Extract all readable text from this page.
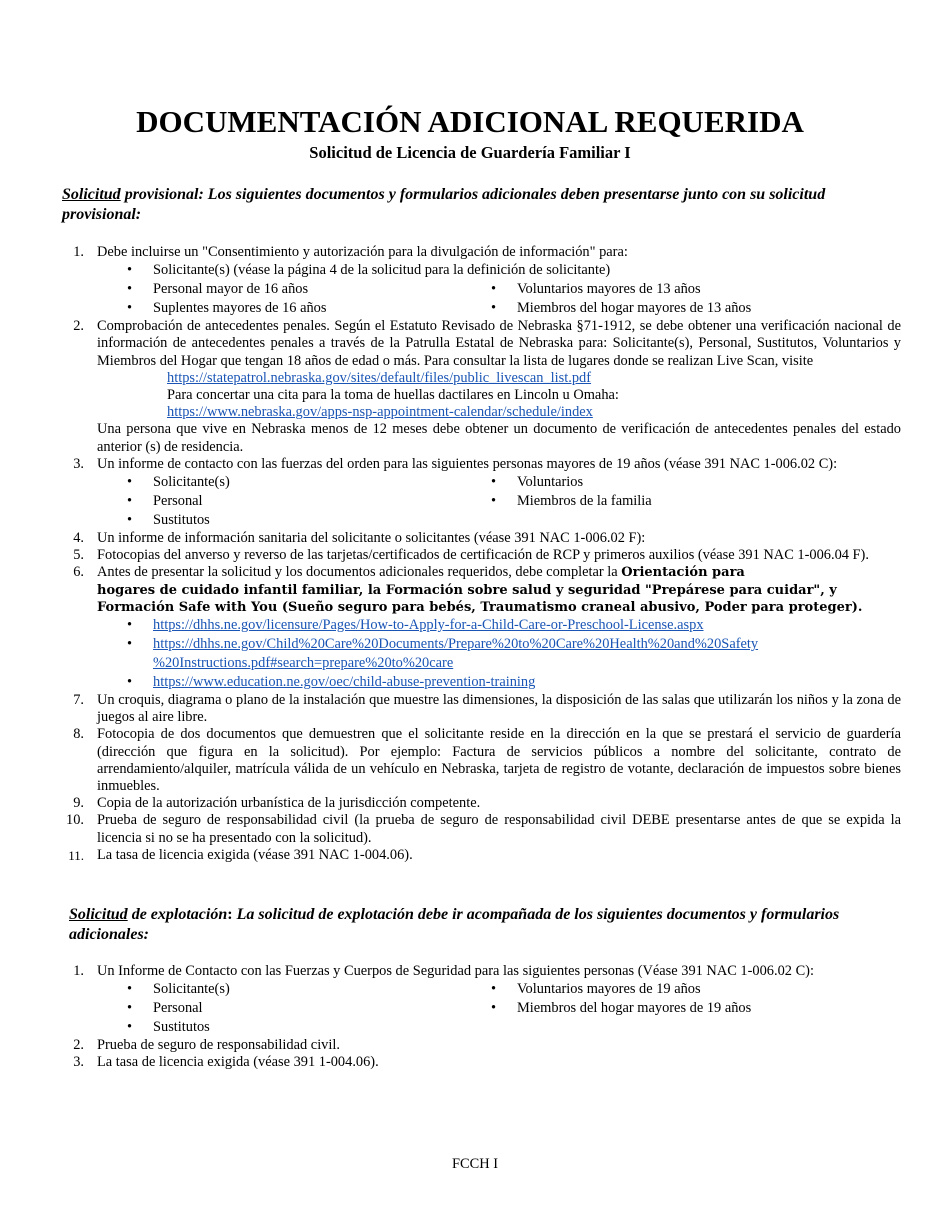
DOCUMENTACIÓN ADICIONAL REQUERIDA
Solicitud de Licencia de Guardería Familiar I
Solicitud provisional: Los siguientes documentos y formularios adicionales deben presentarse junto con su solicitud provisional:
1. Debe incluirse un "Consentimiento y autorización para la divulgación de información" para:
• Solicitante(s) (véase la página 4 de la solicitud para la definición de solicitante)
• Personal mayor de 16 años	• Voluntarios mayores de 13 años
• Suplentes mayores de 16 años	• Miembros del hogar mayores de 13 años
2. Comprobación de antecedentes penales. Según el Estatuto Revisado de Nebraska §71-1912, se debe obtener una verificación nacional de información de antecedentes penales a través de la Patrulla Estatal de Nebraska para: Solicitante(s), Personal, Sustitutos, Voluntarios y Miembros del Hogar que tengan 18 años de edad o más. Para consultar la lista de lugares donde se realizan Live Scan, visite
https://statepatrol.nebraska.gov/sites/default/files/public_livescan_list.pdf
Para concertar una cita para la toma de huellas dactilares en Lincoln u Omaha:
https://www.nebraska.gov/apps-nsp-appointment-calendar/schedule/index
Una persona que vive en Nebraska menos de 12 meses debe obtener un documento de verificación de antecedentes penales del estado anterior (s) de residencia.
3. Un informe de contacto con las fuerzas del orden para las siguientes personas mayores de 19 años (véase 391 NAC 1-006.02 C):
• Solicitante(s)	• Voluntarios
• Personal	• Miembros de la familia
• Sustitutos
4. Un informe de información sanitaria del solicitante o solicitantes (véase 391 NAC 1-006.02 F):
5. Fotocopias del anverso y reverso de las tarjetas/certificados de certificación de RCP y primeros auxilios (véase 391 NAC 1-006.04 F).
6. Antes de presentar la solicitud y los documentos adicionales requeridos, debe completar la Orientación para
hogares de cuidado infantil familiar, la Formación sobre salud y seguridad "Prepárese para cuidar", y
Formación Safe with You (Sueño seguro para bebés, Traumatismo craneal abusivo, Poder para proteger).
• https://dhhs.ne.gov/licensure/Pages/How-to-Apply-for-a-Child-Care-or-Preschool-License.aspx
• https://dhhs.ne.gov/Child%20Care%20Documents/Prepare%20to%20Care%20Health%20and%20Safety
%20Instructions.pdf#search=prepare%20to%20care
• https://www.education.ne.gov/oec/child-abuse-prevention-training
7. Un croquis, diagrama o plano de la instalación que muestre las dimensiones, la disposición de las salas que utilizarán los niños y la zona de juegos al aire libre.
8. Fotocopia de dos documentos que demuestren que el solicitante reside en la dirección en la que se prestará el servicio de guardería (dirección que figura en la solicitud). Por ejemplo: Factura de servicios públicos a nombre del solicitante, contrato de arrendamiento/alquiler, matrícula válida de un vehículo en Nebraska, tarjeta de registro de votante, declaración de impuestos sobre bienes inmuebles.
9. Copia de la autorización urbanística de la jurisdicción competente.
10. Prueba de seguro de responsabilidad civil (la prueba de seguro de responsabilidad civil DEBE presentarse antes de que se expida la licencia si no se ha presentado con la solicitud).
11. La tasa de licencia exigida (véase 391 NAC 1-004.06).
Solicitud de explotación: La solicitud de explotación debe ir acompañada de los siguientes documentos y formularios adicionales:
1. Un Informe de Contacto con las Fuerzas y Cuerpos de Seguridad para las siguientes personas (Véase 391 NAC 1-006.02 C):
• Solicitante(s)	• Voluntarios mayores de 19 años
• Personal	• Miembros del hogar mayores de 19 años
• Sustitutos
2. Prueba de seguro de responsabilidad civil.
3. La tasa de licencia exigida (véase 391 1-004.06).
FCCH I
